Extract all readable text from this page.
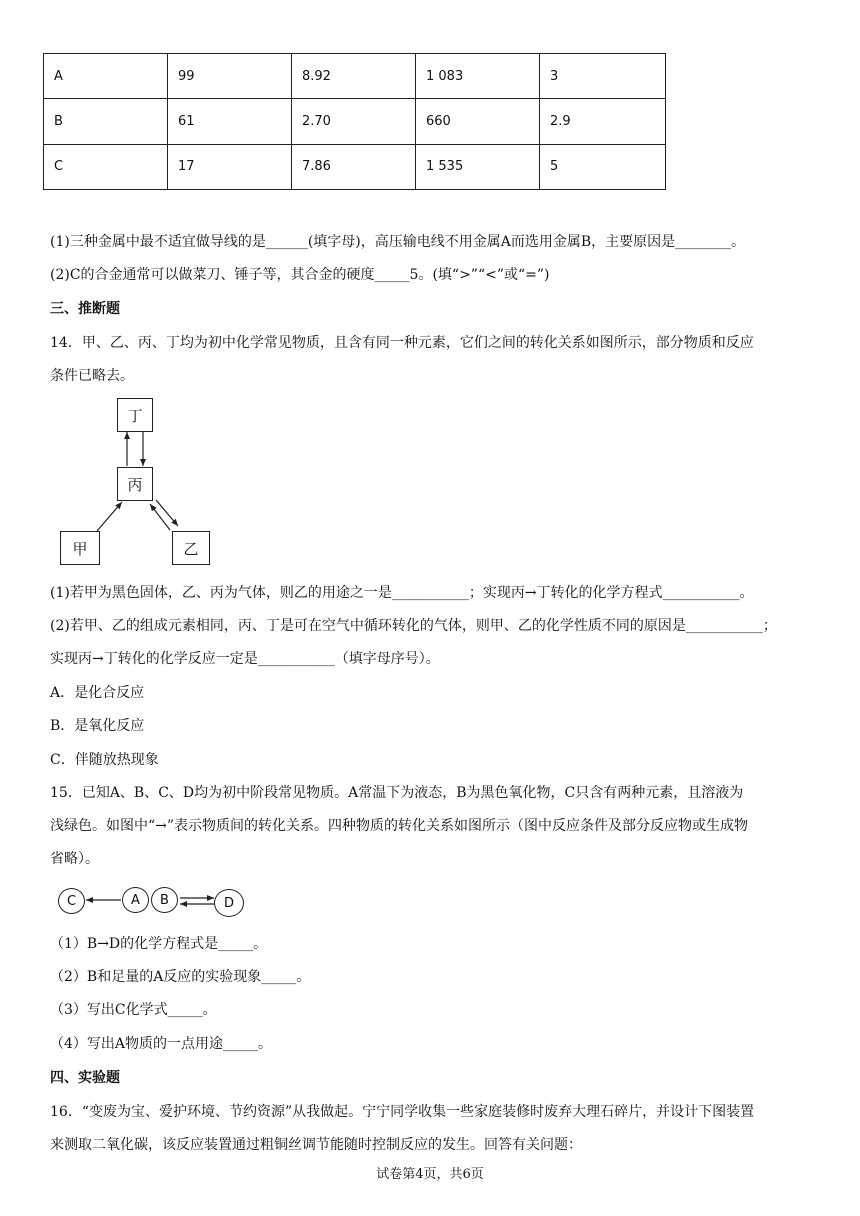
A	99	8.92	1 083	3
B	61	2.70	660	2.9
C	17	7.86	1 535	5
(1)三种金属中最不适宜做导线的是______(填字母)，高压输电线不用金属A而选用金属B，主要原因是________。
(2)C的合金通常可以做菜刀、锤子等，其合金的硬度_____5。(填“>”“<”或“=”)
三、推断题
14．甲、乙、丙、丁均为初中化学常见物质，且含有同一种元素，它们之间的转化关系如图所示，部分物质和反应
条件已略去。
丁
丙
甲	乙
(1)若甲为黑色固体，乙、丙为气体，则乙的用途之一是___________；实现丙→丁转化的化学方程式___________。
(2)若甲、乙的组成元素相同，丙、丁是可在空气中循环转化的气体，则甲、乙的化学性质不同的原因是___________；
实现丙→丁转化的化学反应一定是___________（填字母序号）。
A．是化合反应
B．是氧化反应
C．伴随放热现象
15．已知A、B、C、D均为初中阶段常见物质。A常温下为液态，B为黑色氧化物，C只含有两种元素，且溶液为
浅绿色。如图中“→”表示物质间的转化关系。四种物质的转化关系如图所示（图中反应条件及部分反应物或生成物
省略）。
C	A	B	D
（1）B→D的化学方程式是_____。
（2）B和足量的A反应的实验现象_____。
（3）写出C化学式_____。
（4）写出A物质的一点用途_____。
四、实验题
16．“变废为宝、爱护环境、节约资源”从我做起。宁宁同学收集一些家庭装修时废弃大理石碎片，并设计下图装置
来测取二氧化碳，该反应装置通过粗铜丝调节能随时控制反应的发生。回答有关问题：
试卷第4页，共6页
